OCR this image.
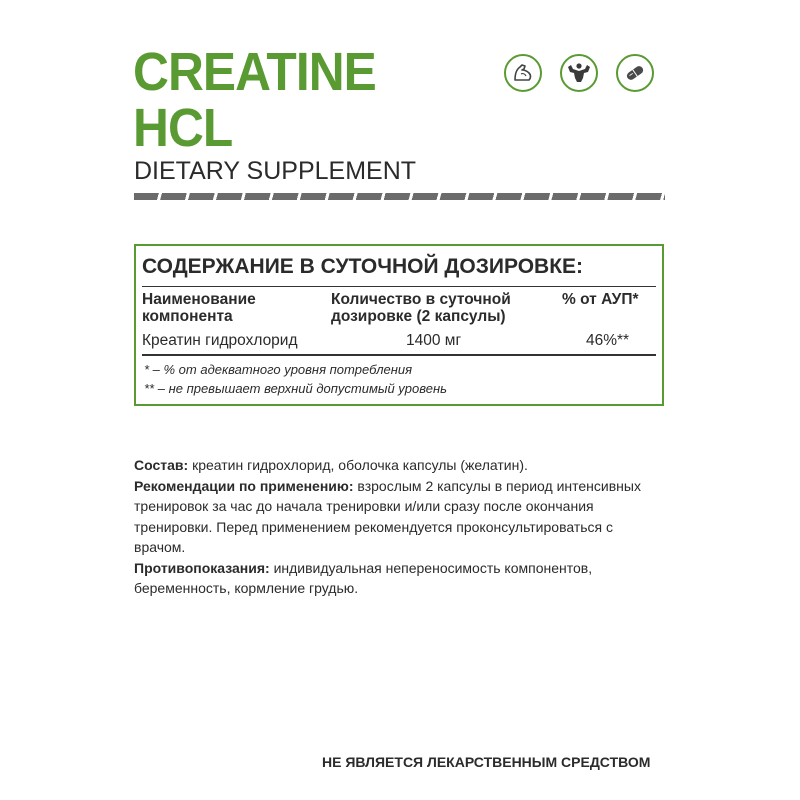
CREATINE
HCL
DIETARY SUPPLEMENT
СОДЕРЖАНИЕ В СУТОЧНОЙ ДОЗИРОВКЕ:
Наименование
компонента
Количество в суточной
дозировке (2 капсулы)
% от АУП*
Креатин гидрохлорид	1400 мг	46%**
* – % от адекватного уровня потребления
** – не превышает верхний допустимый уровень

Состав: креатин гидрохлорид, оболочка капсулы (желатин).

Рекомендации по применению: взрослым 2 капсулы в период интенсивных тренировок за час до начала тренировки и/или сразу после окончания тренировки. Перед применением рекомендуется проконсультироваться с врачом.

Противопоказания: индивидуальная непереносимость компонентов, беременность, кормление грудью.

НЕ ЯВЛЯЕТСЯ ЛЕКАРСТВЕННЫМ СРЕДСТВОМ
